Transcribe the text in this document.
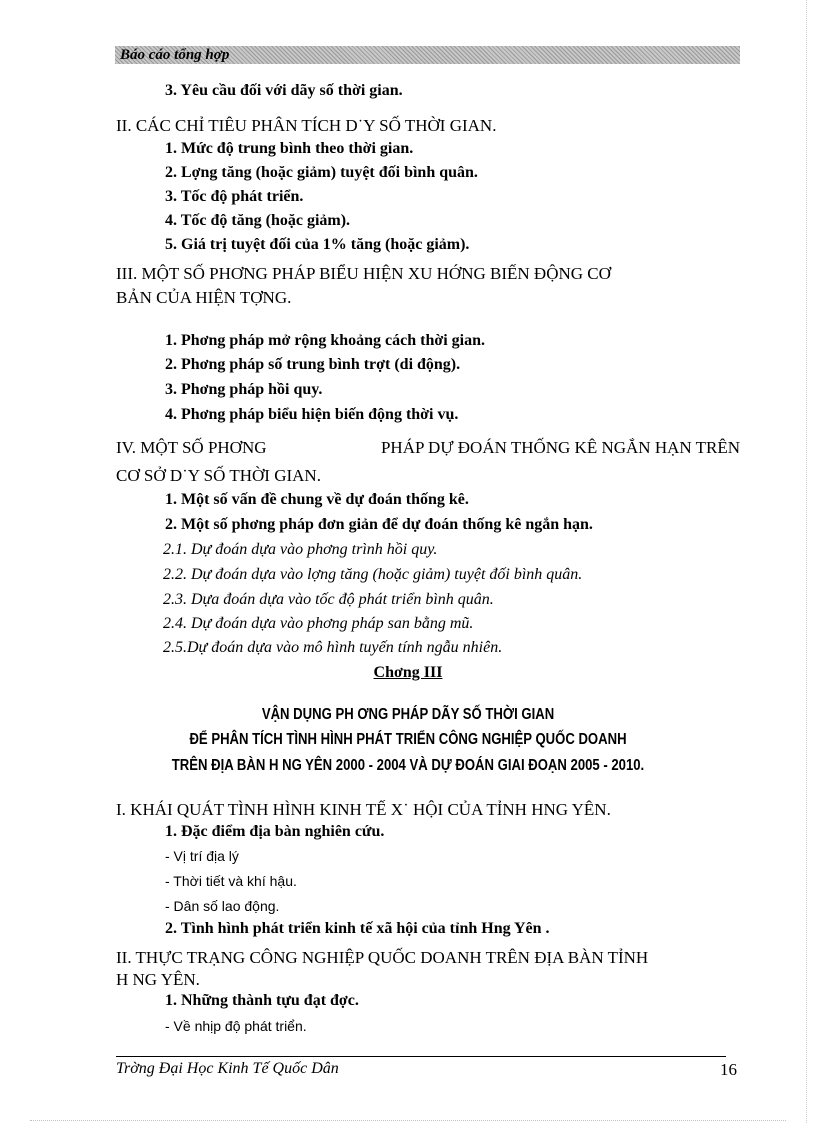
Báo cáo tổng hợp
3. Yêu cầu đối với dãy số thời gian.
II. CÁC CHỈ TIÊU PHÂN TÍCH D˙Y SỐ THỜI GIAN.
1. Mức độ trung bình theo thời gian.
2. Lợng tăng (hoặc giảm) tuyệt đối bình quân.
3. Tốc độ phát triển.
4. Tốc độ tăng (hoặc giảm).
5. Giá trị tuyệt đối của 1% tăng (hoặc giảm).
III. MỘT SỐ PHƠNG PHÁP BIỂU HIỆN XU HỚNG BIẾN ĐỘNG CƠ
BẢN CỦA HIỆN TỢNG.
1. Phơng pháp mở rộng khoảng cách thời gian.
2. Phơng pháp số trung bình trợt (di động).
3. Phơng pháp hồi quy.
4. Phơng pháp biểu hiện biến động thời vụ.
IV. MỘT SỐ PHƠNG	PHÁP DỰ ĐOÁN THỐNG KÊ NGẮN HẠN TRÊN
CƠ SỞ D˙Y SỐ THỜI GIAN.
1. Một số vấn đề chung về dự đoán thống kê.
2. Một số phơng pháp đơn giản để dự đoán thống kê ngắn hạn.
2.1. Dự đoán dựa vào phơng trình hồi quy.
2.2. Dự đoán dựa vào lợng tăng (hoặc giảm) tuyệt đối bình quân.
2.3. Dựa đoán dựa vào tốc độ phát triển bình quân.
2.4. Dự đoán dựa vào phơng pháp san bằng mũ.
2.5.Dự đoán dựa vào mô hình tuyến tính ngẫu nhiên.
Chơng III
VẬN DỤNG PH ƠNG PHÁP DÃY SỐ THỜI GIAN
ĐỂ PHÂN TÍCH TÌNH HÌNH PHÁT TRIỂN CÔNG NGHIỆP QUỐC DOANH
TRÊN ĐỊA BÀN H NG YÊN 2000 - 2004 VÀ DỰ ĐOÁN GIAI ĐOẠN 2005 - 2010.
I. KHÁI QUÁT TÌNH HÌNH KINH TẾ X˙ HỘI CỦA TỈNH HNG YÊN.
1. Đặc điểm địa bàn nghiên cứu.
- Vị trí địa lý
- Thời tiết và khí hậu.
- Dân số lao động.
2. Tình hình phát triển kinh tế xã hội của tỉnh Hng Yên .
II. THỰC TRẠNG CÔNG NGHIỆP QUỐC DOANH TRÊN ĐỊA BÀN TỈNH
H NG YÊN.
1. Những thành tựu đạt đợc.
- Về nhịp độ phát triển.
Trờng Đại Học Kinh Tế Quốc Dân	16
